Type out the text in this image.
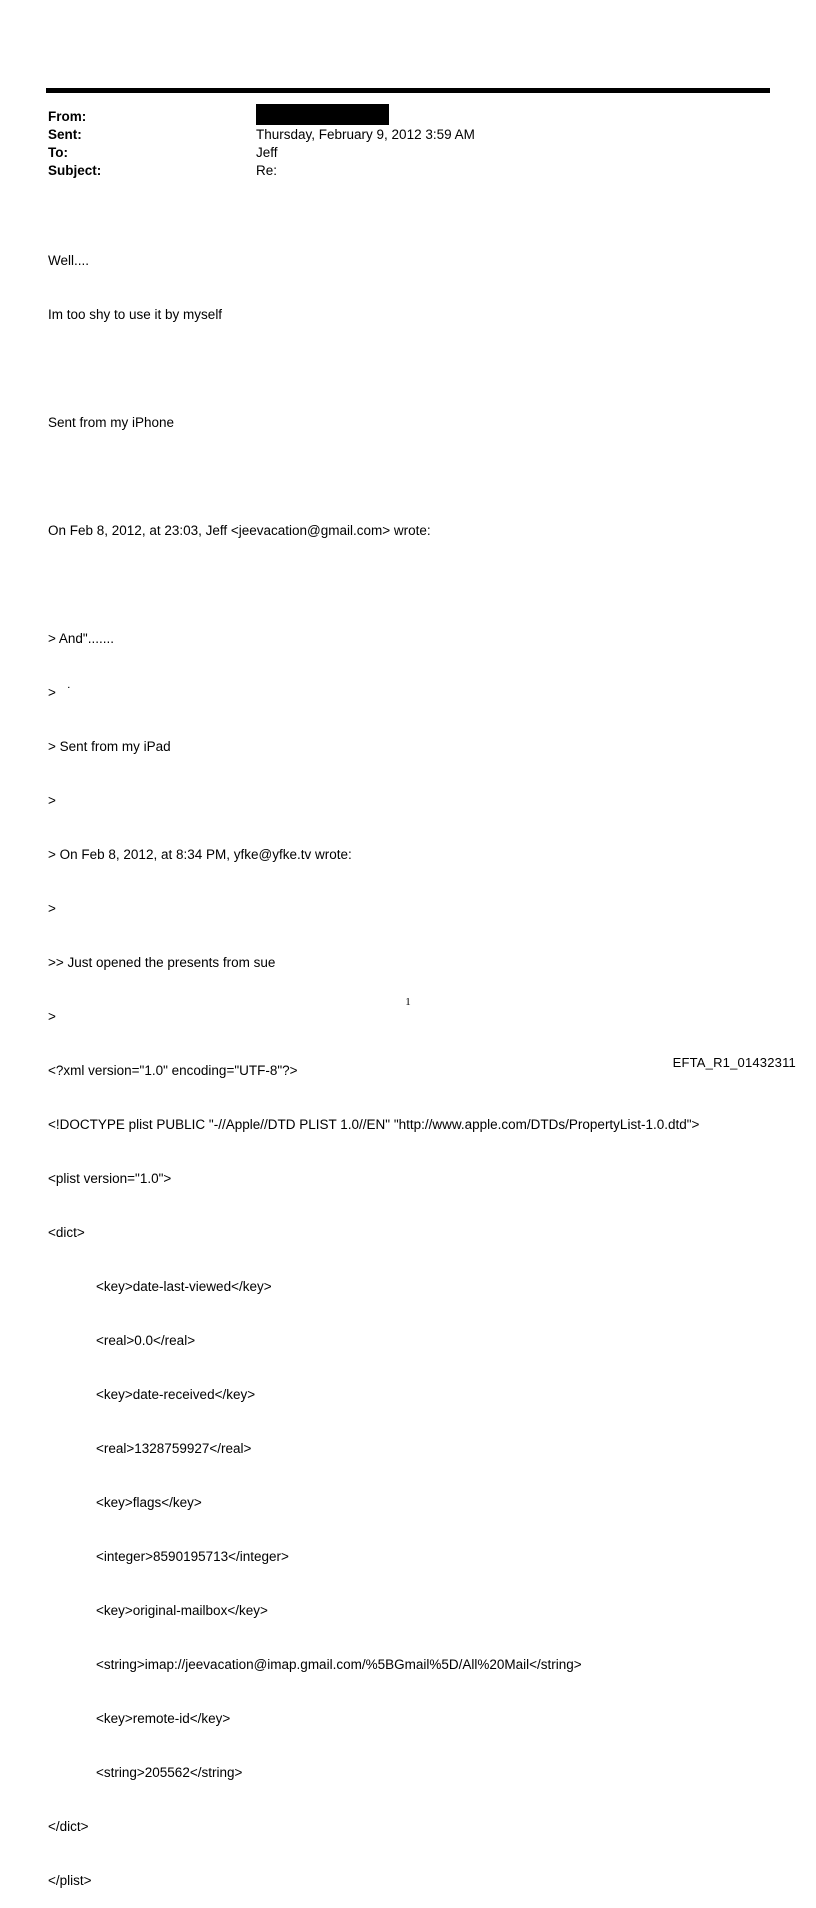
From:
Sent:	Thursday, February 9, 2012 3:59 AM
To:	Jeff
Subject:	Re:

Well....

Im too shy to use it by myself

Sent from my iPhone

On Feb 8, 2012, at 23:03, Jeff <jeevacation@gmail.com> wrote:

> And".......

>   ˙

> Sent from my iPad

>

> On Feb 8, 2012, at 8:34 PM, yfke@yfke.tv wrote:

>

>> Just opened the presents from sue

>

<?xml version="1.0" encoding="UTF-8"?>

<!DOCTYPE plist PUBLIC "-//Apple//DTD PLIST 1.0//EN" "http://www.apple.com/DTDs/PropertyList-1.0.dtd">

<plist version="1.0">

<dict>

<key>date-last-viewed</key>

<real>0.0</real>

<key>date-received</key>

<real>1328759927</real>

<key>flags</key>

<integer>8590195713</integer>

<key>original-mailbox</key>

<string>imap://jeevacation@imap.gmail.com/%5BGmail%5D/All%20Mail</string>

<key>remote-id</key>

<string>205562</string>

</dict>

</plist>

1
EFTA_R1_01432311
